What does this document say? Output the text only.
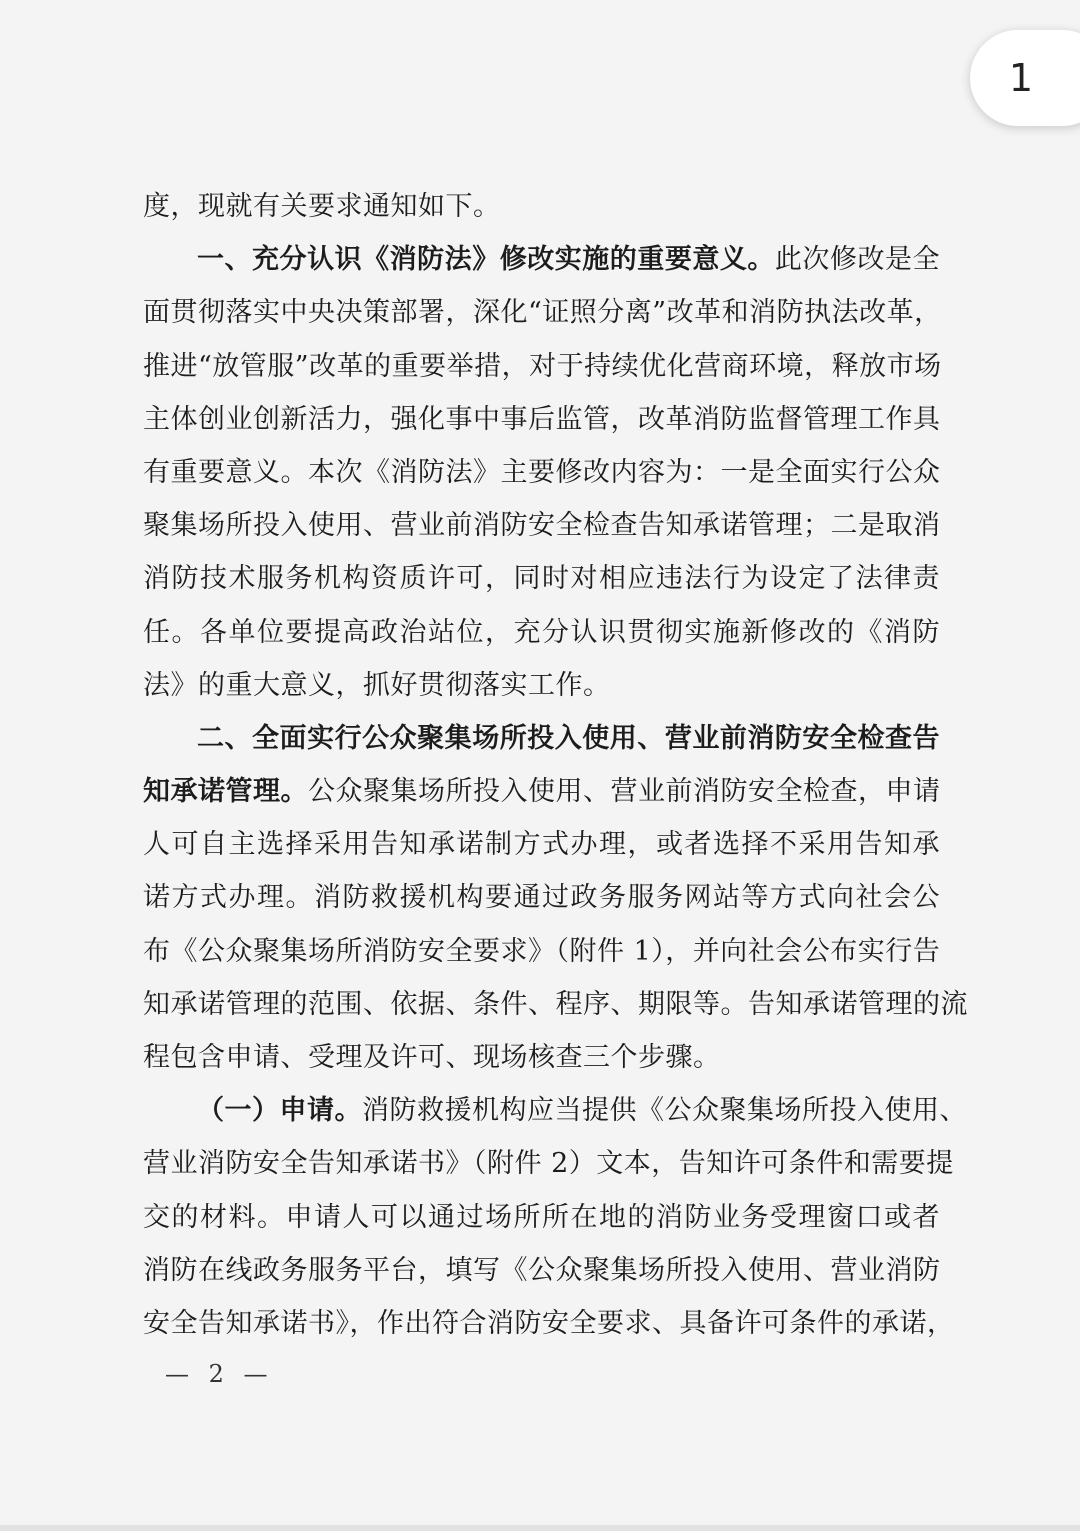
1
度，现就有关要求通知如下。
一、充分认识《消防法》修改实施的重要意义。此次修改是全
面贯彻落实中央决策部署，深化“证照分离”改革和消防执法改革，
推进“放管服”改革的重要举措，对于持续优化营商环境，释放市场
主体创业创新活力，强化事中事后监管，改革消防监督管理工作具
有重要意义。本次《消防法》主要修改内容为：一是全面实行公众
聚集场所投入使用、营业前消防安全检查告知承诺管理；二是取消
消防技术服务机构资质许可，同时对相应违法行为设定了法律责
任。各单位要提高政治站位，充分认识贯彻实施新修改的《消防
法》的重大意义，抓好贯彻落实工作。
二、全面实行公众聚集场所投入使用、营业前消防安全检查告
知承诺管理。公众聚集场所投入使用、营业前消防安全检查，申请
人可自主选择采用告知承诺制方式办理，或者选择不采用告知承
诺方式办理。消防救援机构要通过政务服务网站等方式向社会公
布《公众聚集场所消防安全要求》（附件 1），并向社会公布实行告
知承诺管理的范围、依据、条件、程序、期限等。告知承诺管理的流
程包含申请、受理及许可、现场核查三个步骤。
（一）申请。消防救援机构应当提供《公众聚集场所投入使用、
营业消防安全告知承诺书》（附件 2）文本，告知许可条件和需要提
交的材料。申请人可以通过场所所在地的消防业务受理窗口或者
消防在线政务服务平台，填写《公众聚集场所投入使用、营业消防
安全告知承诺书》，作出符合消防安全要求、具备许可条件的承诺，
— 2 —
